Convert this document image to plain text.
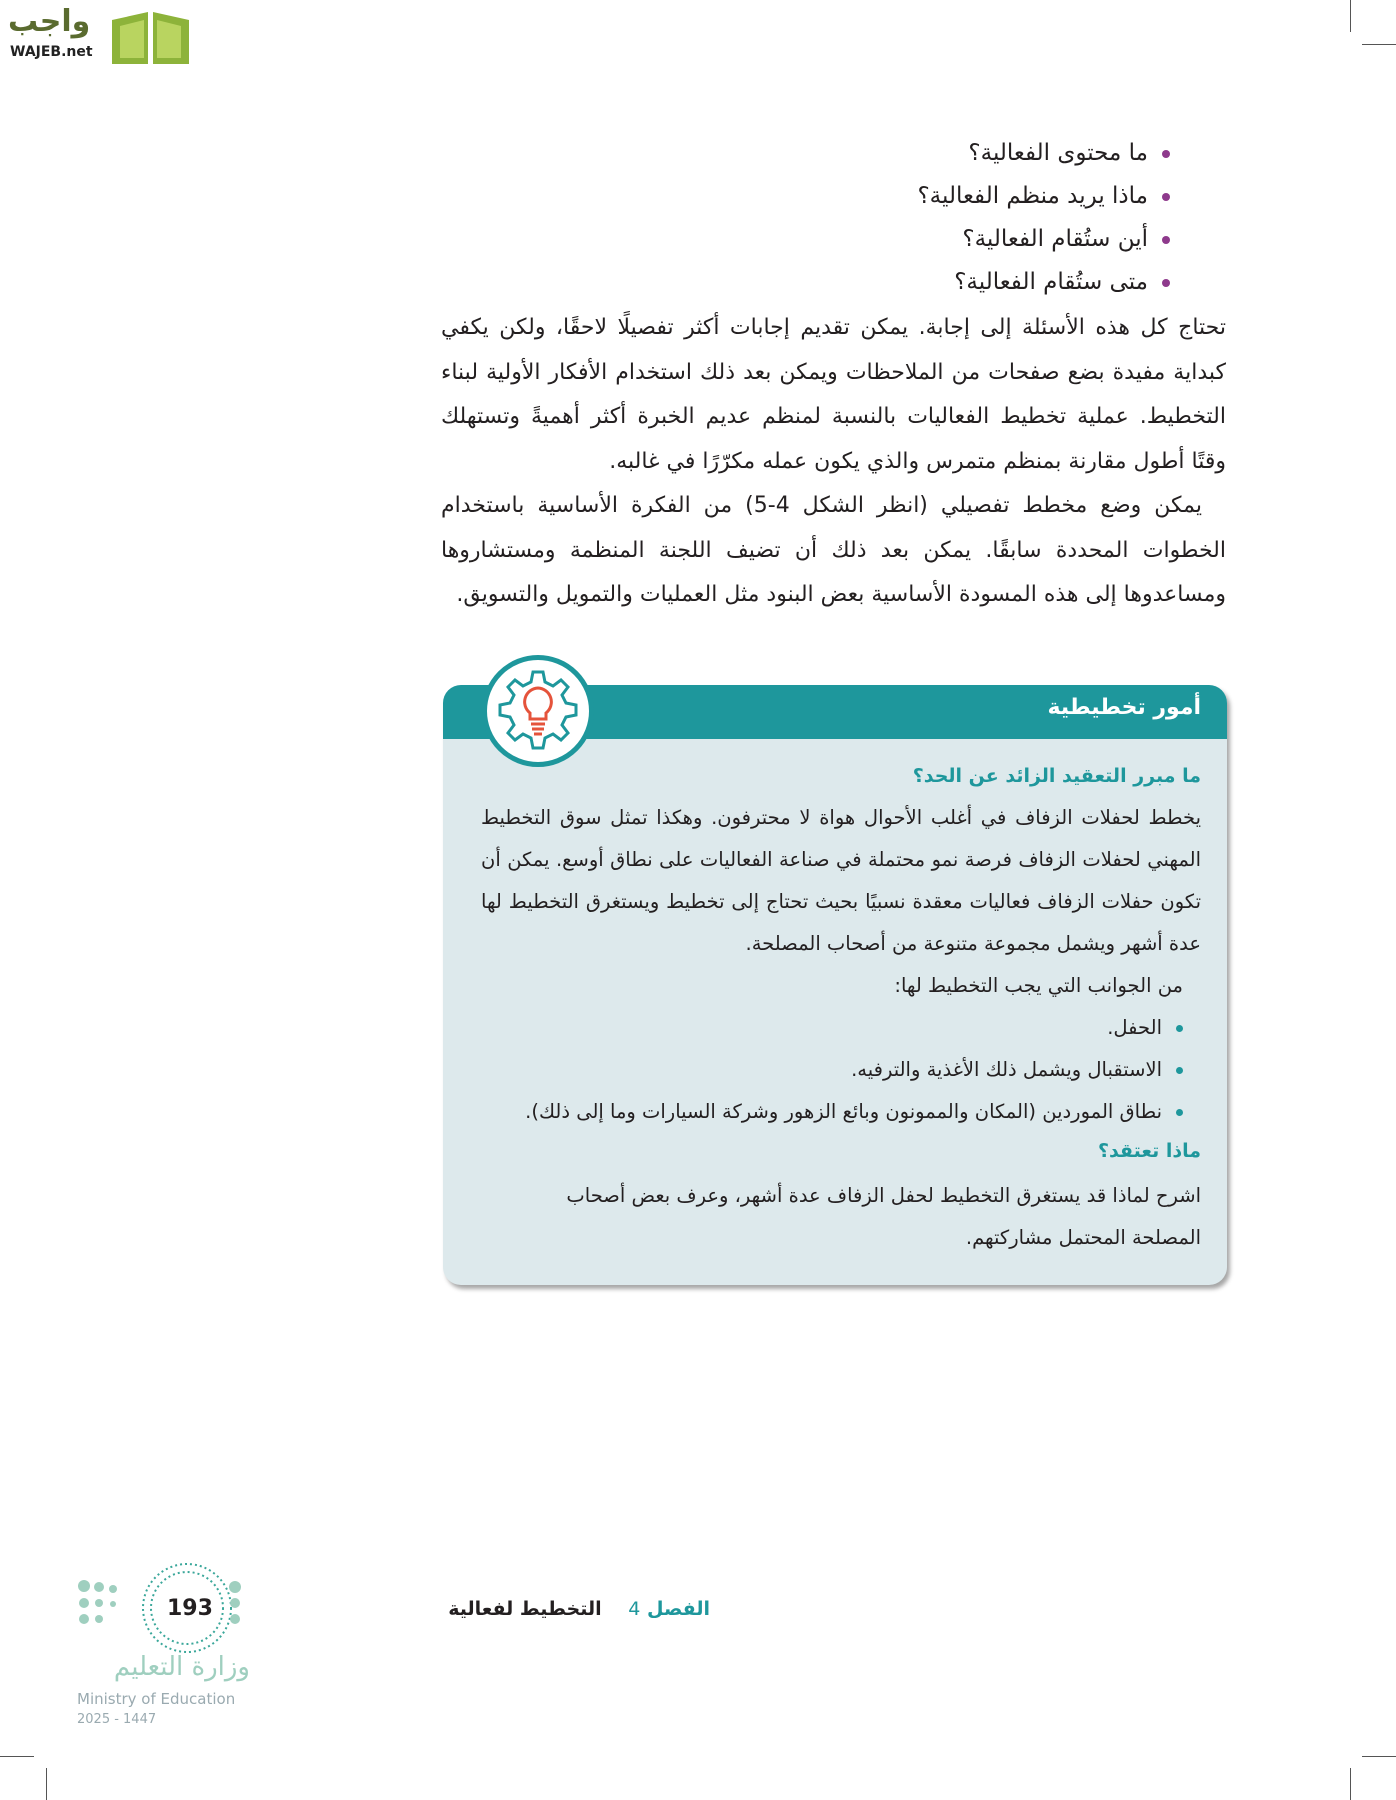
واجب
WAJEB.net
ما محتوى الفعالية؟
ماذا يريد منظم الفعالية؟
أين ستُقام الفعالية؟
متى ستُقام الفعالية؟

تحتاج كل هذه الأسئلة إلى إجابة. يمكن تقديم إجابات أكثر تفصيلًا لاحقًا، ولكن يكفي كبداية مفيدة بضع صفحات من الملاحظات ويمكن بعد ذلك استخدام الأفكار الأولية لبناء التخطيط. عملية تخطيط الفعاليات بالنسبة لمنظم عديم الخبرة أكثر أهميةً وتستهلك وقتًا أطول مقارنة بمنظم متمرس والذي يكون عمله مكرّرًا في غالبه.

يمكن وضع مخطط تفصيلي (انظر الشكل 4-5) من الفكرة الأساسية باستخدام الخطوات المحددة سابقًا. يمكن بعد ذلك أن تضيف اللجنة المنظمة ومستشاروها ومساعدوها إلى هذه المسودة الأساسية بعض البنود مثل العمليات والتمويل والتسويق.

أمور تخطيطية
ما مبرر التعقيد الزائد عن الحد؟
يخطط لحفلات الزفاف في أغلب الأحوال هواة لا محترفون. وهكذا تمثل سوق التخطيط المهني لحفلات الزفاف فرصة نمو محتملة في صناعة الفعاليات على نطاق أوسع. يمكن أن تكون حفلات الزفاف فعاليات معقدة نسبيًا بحيث تحتاج إلى تخطيط ويستغرق التخطيط لها عدة أشهر ويشمل مجموعة متنوعة من أصحاب المصلحة.
من الجوانب التي يجب التخطيط لها:
الحفل.
الاستقبال ويشمل ذلك الأغذية والترفيه.
نطاق الموردين (المكان والممونون وبائع الزهور وشركة السيارات وما إلى ذلك).
ماذا تعتقد؟
اشرح لماذا قد يستغرق التخطيط لحفل الزفاف عدة أشهر، وعرف بعض أصحاب المصلحة المحتمل مشاركتهم.
الفصل 4 التخطيط لفعالية
193
وزارة التعليم
Ministry of Education
2025 - 1447
